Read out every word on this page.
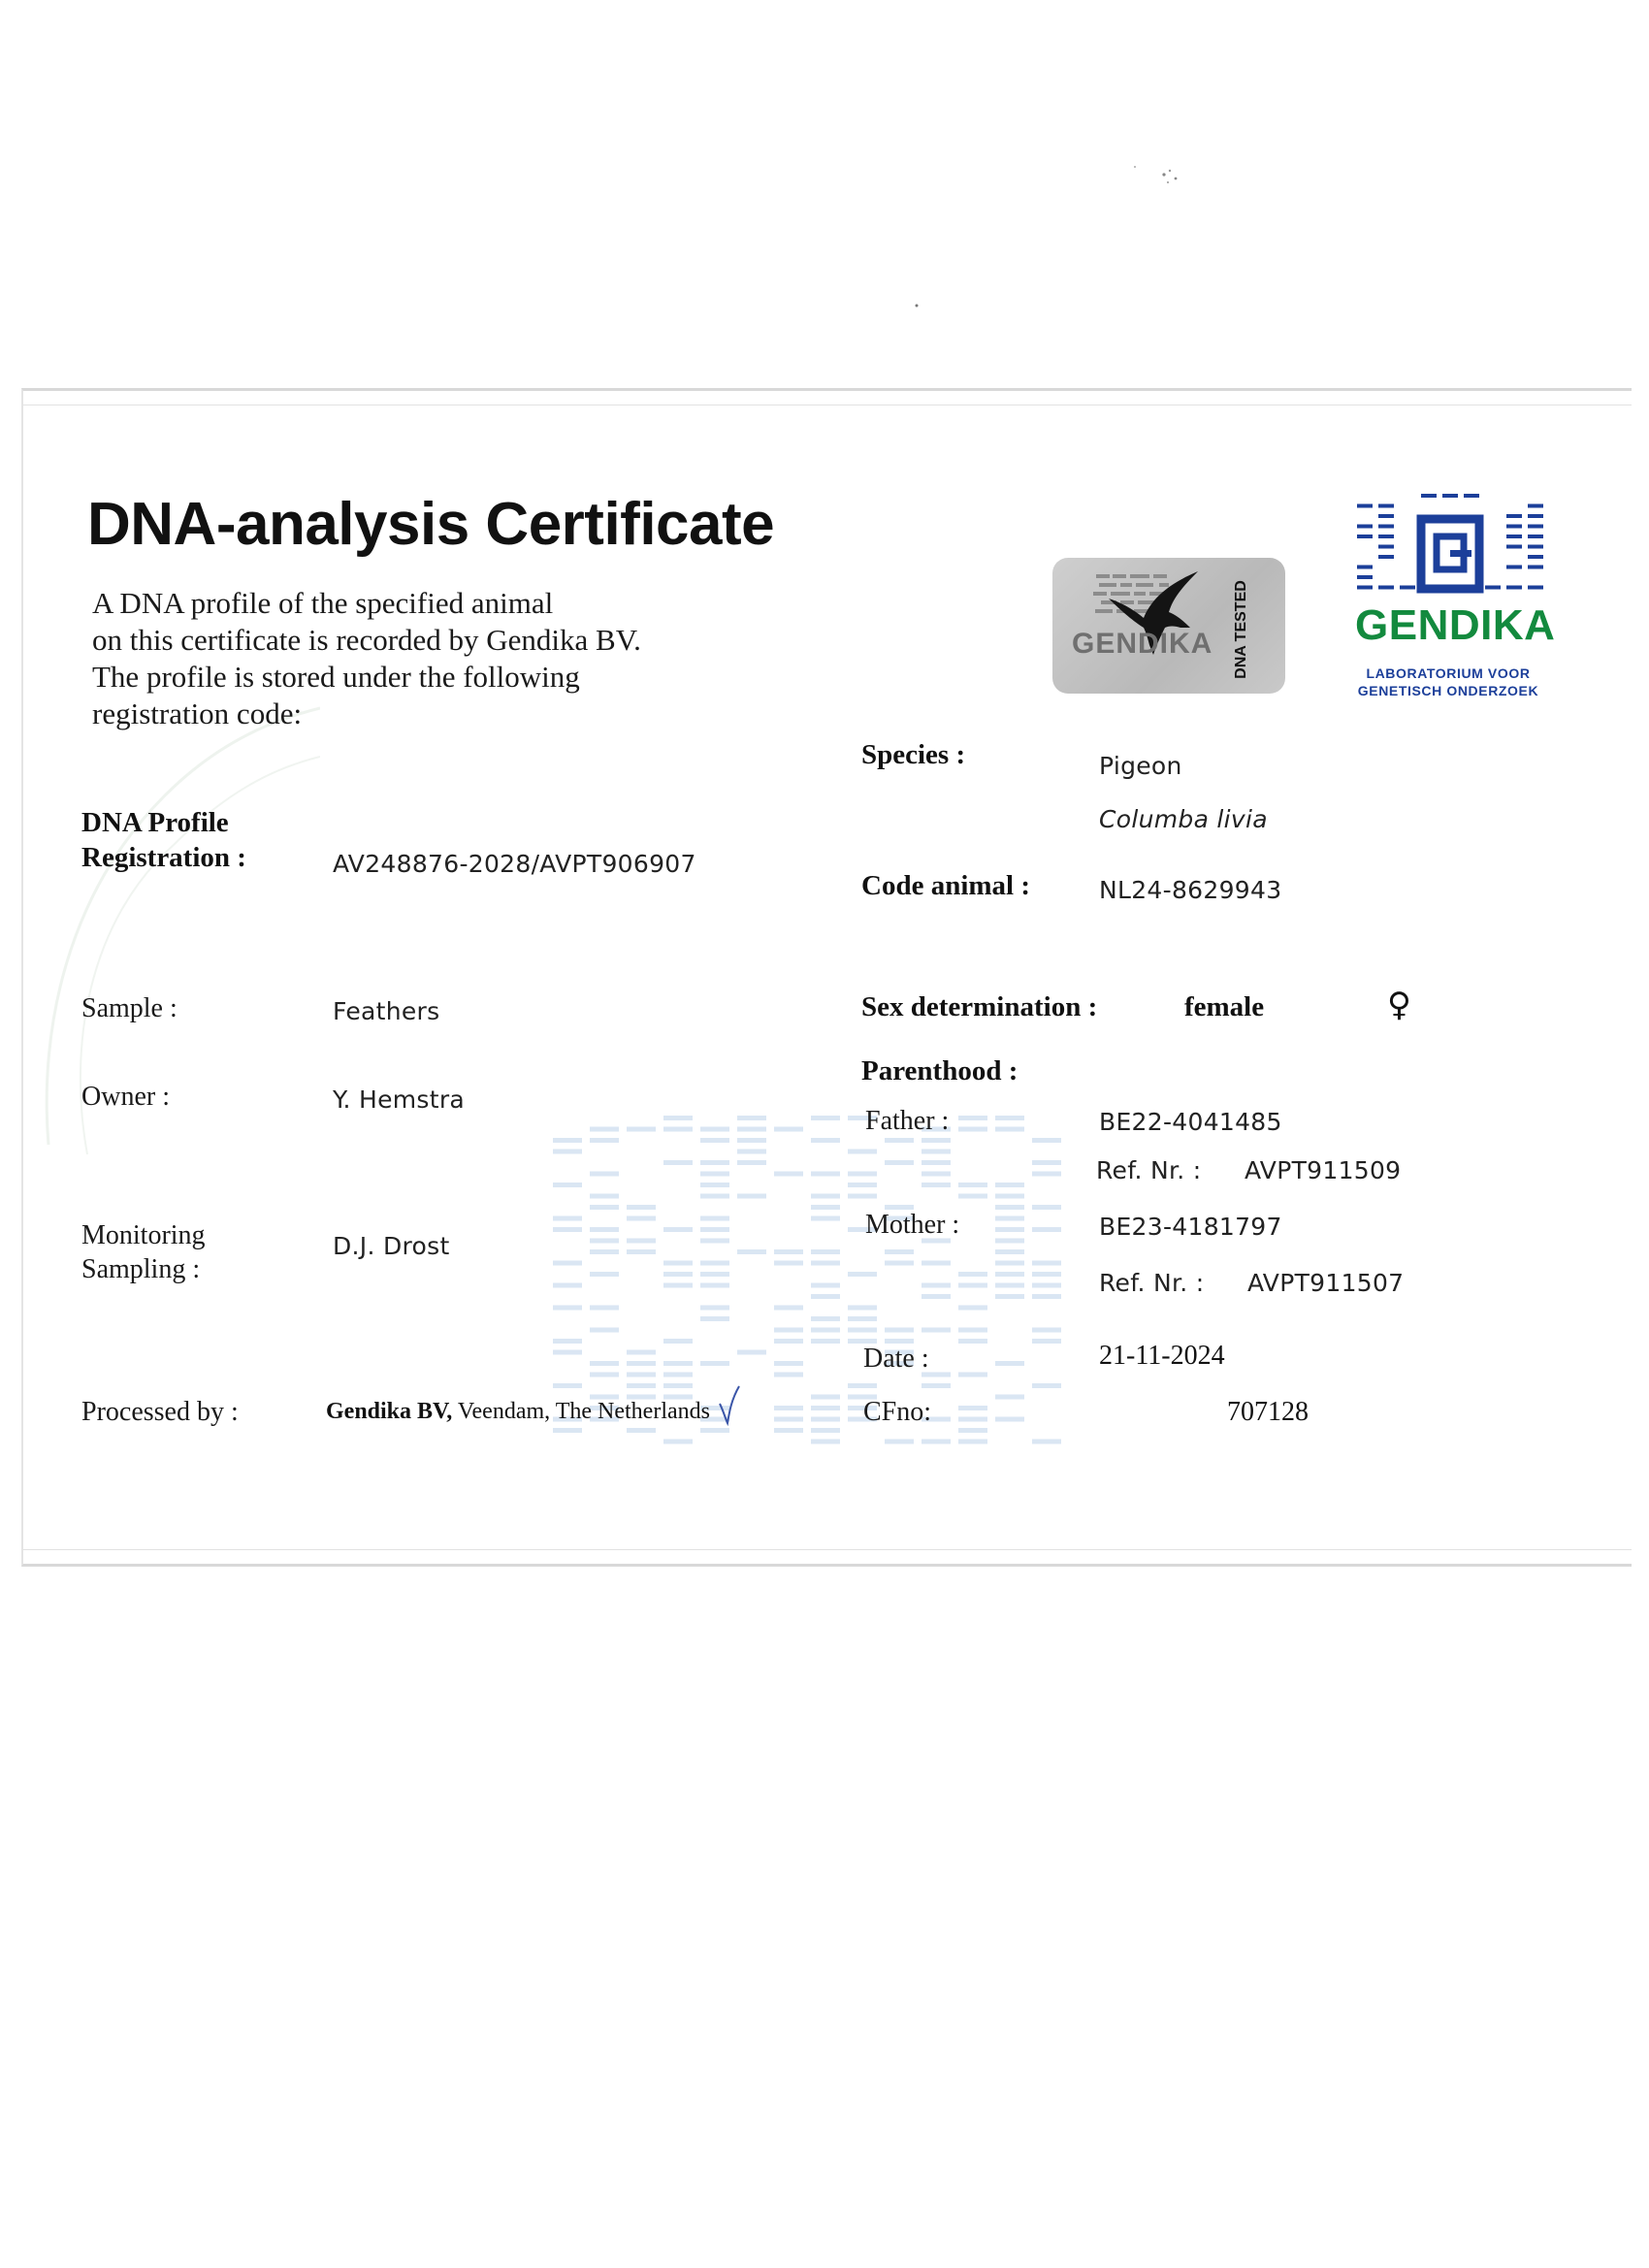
DNA-analysis Certificate
A DNA profile of the specified animal
on this certificate is recorded by Gendika BV.
The profile is stored under the following
registration code:
GENDIKA DNA TESTED GENDIKA
LABORATORIUM VOOR
GENETISCH ONDERZOEK
DNA Profile
Registration :	AV248876-2028/AVPT906907
Sample :	Feathers
Owner :	Y. Hemstra
Monitoring
Sampling :
D.J. Drost
Processed by :	Gendika BV, Veendam, The Netherlands
Species :	Pigeon
Columba livia
Code animal :	NL24-8629943
Sex determination :	female	♀
Parenthood :
Father :	BE22-4041485
Ref. Nr. : AVPT911509
Mother :	BE23-4181797
Ref. Nr. : AVPT911507
Date :	21-11-2024
CFno:	707128
